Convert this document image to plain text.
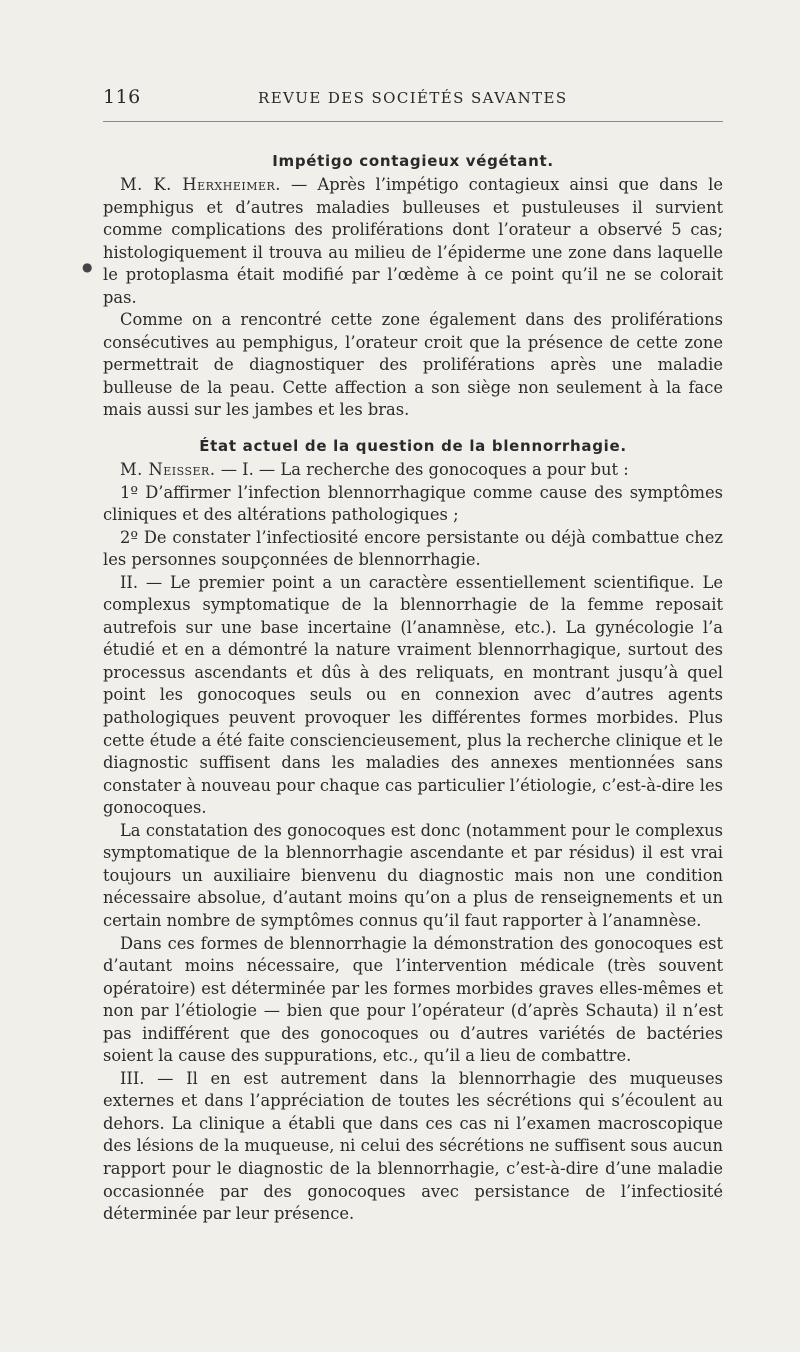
●
116	REVUE DES SOCIÉTÉS SAVANTES
Impétigo contagieux végétant.

M. K. Herxheimer. — Après l’impétigo contagieux ainsi que dans le pemphigus et d’autres maladies bulleuses et pustuleuses il survient comme complications des proliférations dont l’orateur a observé 5 cas; histologiquement il trouva au milieu de l’épiderme une zone dans laquelle le protoplasma était modifié par l’œdème à ce point qu’il ne se colorait pas.

Comme on a rencontré cette zone également dans des proliférations consécutives au pemphigus, l’orateur croit que la présence de cette zone permettrait de diagnostiquer des proliférations après une maladie bulleuse de la peau. Cette affection a son siège non seulement à la face mais aussi sur les jambes et les bras.

État actuel de la question de la blennorrhagie.

M. Neisser. — I. — La recherche des gonocoques a pour but :

1º D’affirmer l’infection blennorrhagique comme cause des symptômes cliniques et des altérations pathologiques ;

2º De constater l’infectiosité encore persistante ou déjà combattue chez les personnes soupçonnées de blennorrhagie.

II. — Le premier point a un caractère essentiellement scientifique. Le complexus symptomatique de la blennorrhagie de la femme reposait autrefois sur une base incertaine (l’anamnèse, etc.). La gynécologie l’a étudié et en a démontré la nature vraiment blennorrhagique, surtout des processus ascendants et dûs à des reliquats, en montrant jusqu’à quel point les gonocoques seuls ou en connexion avec d’autres agents pathologiques peuvent provoquer les différentes formes morbides. Plus cette étude a été faite consciencieusement, plus la recherche clinique et le diagnostic suffisent dans les maladies des annexes mentionnées sans constater à nouveau pour chaque cas particulier l’étiologie, c’est-à-dire les gonocoques.

La constatation des gonocoques est donc (notamment pour le complexus symptomatique de la blennorrhagie ascendante et par résidus) il est vrai toujours un auxiliaire bienvenu du diagnostic mais non une condition nécessaire absolue, d’autant moins qu’on a plus de renseignements et un certain nombre de symptômes connus qu’il faut rapporter à l’anamnèse.

Dans ces formes de blennorrhagie la démonstration des gonocoques est d’autant moins nécessaire, que l’intervention médicale (très souvent opératoire) est déterminée par les formes morbides graves elles-mêmes et non par l’étiologie — bien que pour l’opérateur (d’après Schauta) il n’est pas indifférent que des gonocoques ou d’autres variétés de bactéries soient la cause des suppurations, etc., qu’il a lieu de combattre.

III. — Il en est autrement dans la blennorrhagie des muqueuses externes et dans l’appréciation de toutes les sécrétions qui s’écoulent au dehors. La clinique a établi que dans ces cas ni l’examen macroscopique des lésions de la muqueuse, ni celui des sécrétions ne suffisent sous aucun rapport pour le diagnostic de la blennorrhagie, c’est-à-dire d’une maladie occasionnée par des gonocoques avec persistance de l’infectiosité déterminée par leur présence.
